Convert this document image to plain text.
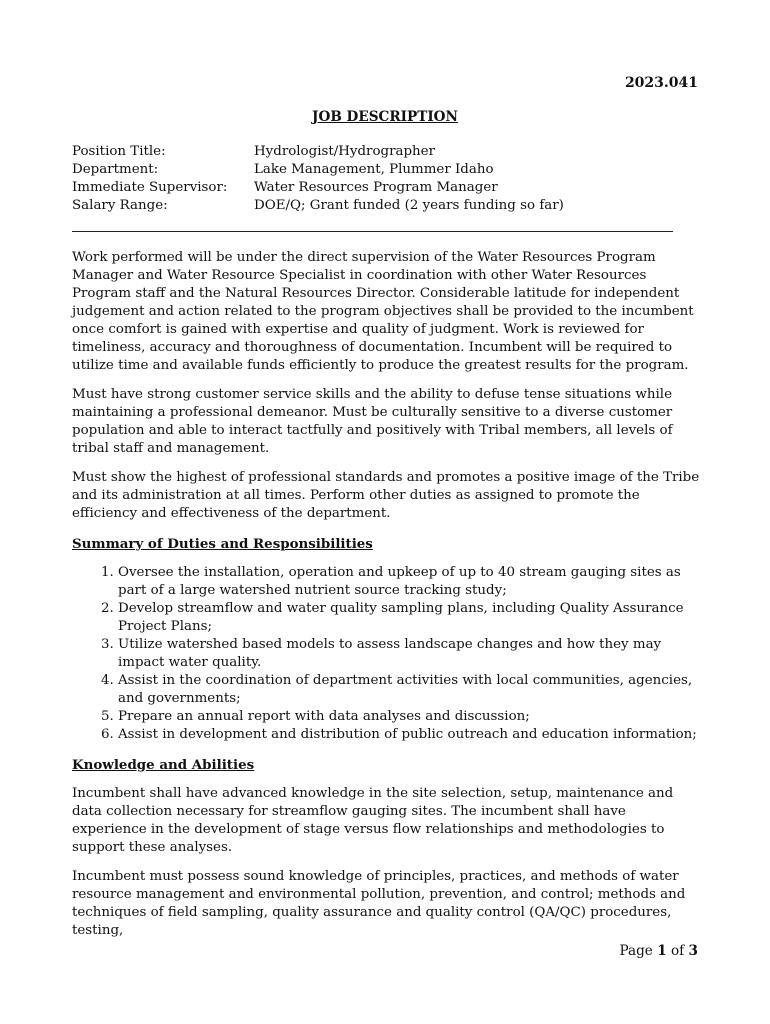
2023.041
JOB DESCRIPTION
Position Title:	Hydrologist/Hydrographer
Department:	Lake Management, Plummer Idaho
Immediate Supervisor:	Water Resources Program Manager
Salary Range:	DOE/Q; Grant funded (2 years funding so far)

Work performed will be under the direct supervision of the Water Resources Program Manager and Water Resource Specialist in coordination with other Water Resources Program staff and the Natural Resources Director. Considerable latitude for independent judgement and action related to the program objectives shall be provided to the incumbent once comfort is gained with expertise and quality of judgment. Work is reviewed for timeliness, accuracy and thoroughness of documentation. Incumbent will be required to utilize time and available funds efficiently to produce the greatest results for the program.

Must have strong customer service skills and the ability to defuse tense situations while maintaining a professional demeanor. Must be culturally sensitive to a diverse customer population and able to interact tactfully and positively with Tribal members, all levels of tribal staff and management.

Must show the highest of professional standards and promotes a positive image of the Tribe and its administration at all times. Perform other duties as assigned to promote the efficiency and effectiveness of the department.

Summary of Duties and Responsibilities
1. Oversee the installation, operation and upkeep of up to 40 stream gauging sites as part of a large watershed nutrient source tracking study;
2. Develop streamflow and water quality sampling plans, including Quality Assurance Project Plans;
3. Utilize watershed based models to assess landscape changes and how they may impact water quality.
4. Assist in the coordination of department activities with local communities, agencies, and governments;
5. Prepare an annual report with data analyses and discussion;
6. Assist in development and distribution of public outreach and education information;
Knowledge and Abilities

Incumbent shall have advanced knowledge in the site selection, setup, maintenance and data collection necessary for streamflow gauging sites. The incumbent shall have experience in the development of stage versus flow relationships and methodologies to support these analyses.

Incumbent must possess sound knowledge of principles, practices, and methods of water resource management and environmental pollution, prevention, and control; methods and techniques of field sampling, quality assurance and quality control (QA/QC) procedures, testing,

Page 1 of 3
